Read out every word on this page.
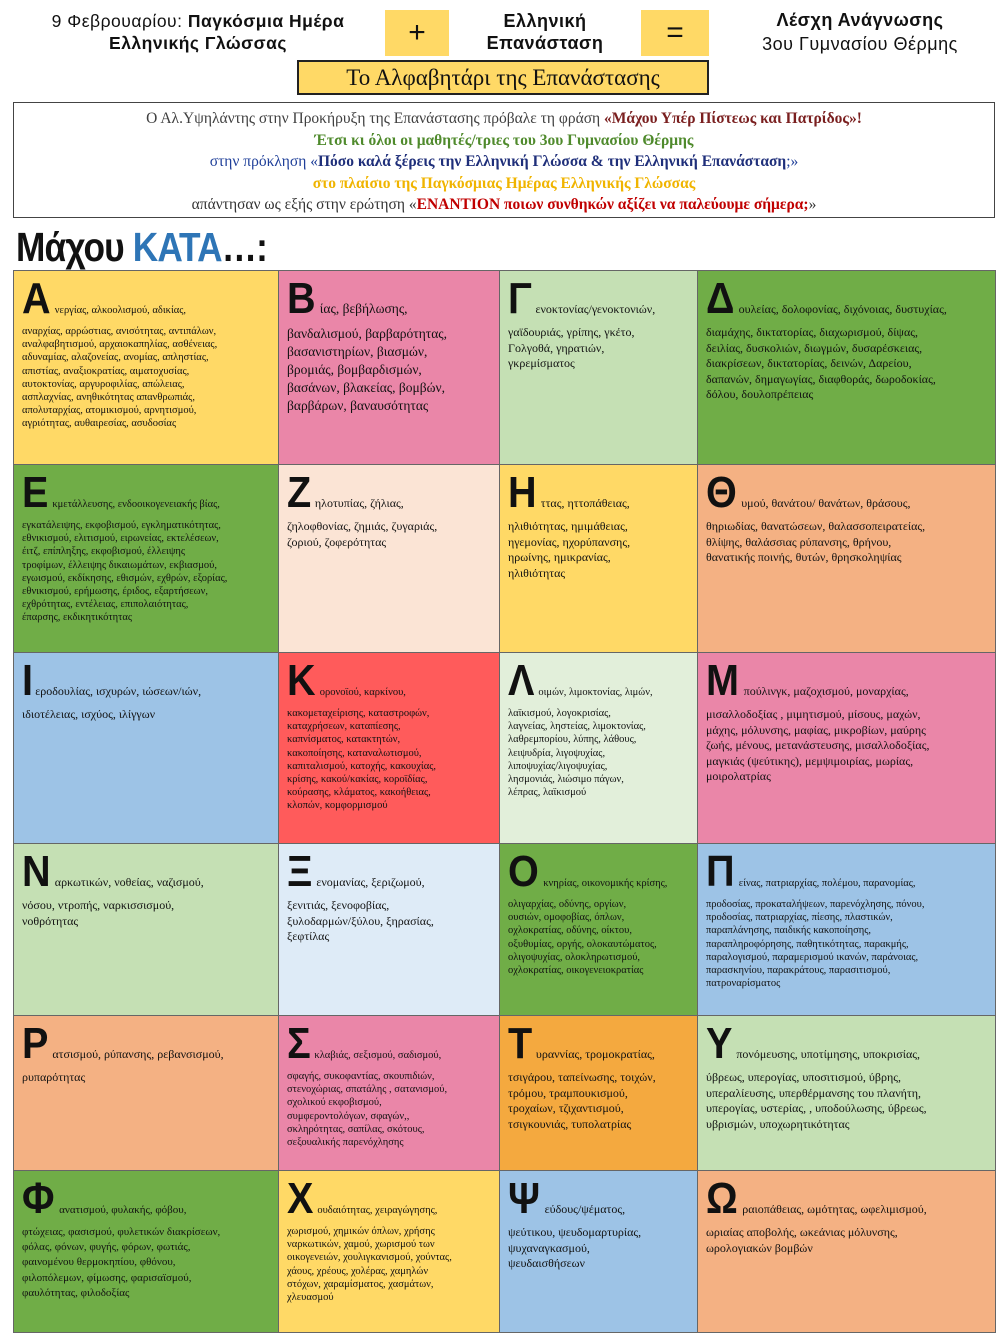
9 Φεβρουαρίου: Παγκόσμια Ημέρα
Ελληνικής Γλώσσας	+	Ελληνική
Επανάσταση	=	Λέσχη Ανάγνωσης
3ου Γυμνασίου Θέρμης
Το Αλφαβητάρι της Επανάστασης
Ο Αλ.Υψηλάντης στην Προκήρυξη της Επανάστασης πρόβαλε τη φράση «Μάχου Υπέρ Πίστεως και Πατρίδος»!
Έτσι κι όλοι οι μαθητές/τριες του 3ου Γυμνασίου Θέρμης
στην πρόκληση «Πόσο καλά ξέρεις την Ελληνική Γλώσσα & την Ελληνική Επανάσταση;»
στο πλαίσιο της Παγκόσμιας Ημέρας Ελληνικής Γλώσσας
απάντησαν ως εξής στην ερώτηση «ΕΝΑΝΤΙΟΝ ποιων συνθηκών αξίζει να παλεύουμε σήμερα;»
Μάχου ΚΑΤΑ…:
Ανεργίας, αλκοολισμού, αδικίας,
αναρχίας, αρρώστιας, ανισότητας, αντιπάλων,
αναλφαβητισμού, αρχαιοκαπηλίας, ασθένειας,
αδυναμίας, αλαζονείας, ανομίας, απληστίας,
απιστίας, αναξιοκρατίας, αιματοχυσίας,
αυτοκτονίας, αργυροφιλίας, απώλειας,
ασπλαχνίας, ανηθικότητας απανθρωπιάς,
απολυταρχίας, ατομικισμού, αρνητισμού,
αγριότητας, αυθαιρεσίας, ασυδοσίας
Βίας, βεβήλωσης,
βανδαλισμού, βαρβαρότητας,
βασανιστηρίων, βιασμών,
βρομιάς, βομβαρδισμών,
βασάνων, βλακείας, βομβών,
βαρβάρων, βαναυσότητας
Γενοκτονίας/γενοκτονιών,
γαϊδουριάς, γρίπης, γκέτο,
Γολγοθά, γηρατιών,
γκρεμίσματος
Δουλείας, δολοφονίας, διχόνοιας, δυστυχίας,
διαμάχης, δικτατορίας, διαχωρισμού, δίψας,
δειλίας, δυσκολιών, διωγμών, δυσαρέσκειας,
διακρίσεων, δικτατορίας, δεινών, Δαρείου,
δαπανών, δημαγωγίας, διαφθοράς, δωροδοκίας,
δόλου, δουλοπρέπειας
Εκμετάλλευσης, ενδοοικογενειακής βίας,
εγκατάλειψης, εκφοβισμού, εγκληματικότητας,
εθνικισμού, ελιτισμού, ειρωνείας, εκτελέσεων,
έιτζ, επίπληξης, εκφοβισμού, έλλειψης
τροφίμων, έλλειψης δικαιωμάτων, εκβιασμού,
εγωισμού, εκδίκησης, εθισμών, εχθρών, εξορίας,
εθνικισμού, ερήμωσης, έριδος, εξαρτήσεων,
εχθρότητας, εντέλειας, επιπολαιότητας,
έπαρσης, εκδικητικότητας
Ζηλοτυπίας, ζήλιας,
ζηλοφθονίας, ζημιάς, ζυγαριάς,
ζοριού, ζοφερότητας
Ηττας, ηττοπάθειας,
ηλιθιότητας, ημιμάθειας,
ηγεμονίας, ηχορύπανσης,
ηρωίνης, ημικρανίας,
ηλιθιότητας
Θυμού, θανάτου/ θανάτων, θράσους,
θηριωδίας, θανατώσεων, θαλασσοπειρατείας,
θλίψης, θαλάσσιας ρύπανσης, θρήνου,
θανατικής ποινής, θυτών, θρησκοληψίας
Ιεροδουλίας, ισχυρών, ιώσεων/ιών,
ιδιοτέλειας, ισχύος, ιλίγγων
Κορονοϊού, καρκίνου,
κακομεταχείρισης, καταστροφών,
καταχρήσεων, καταπίεσης,
καπνίσματος, κατακτητών,
κακοποίησης, καταναλωτισμού,
καπιταλισμού, κατοχής, κακουχίας,
κρίσης, κακού/κακίας, κοροϊδίας,
κούρασης, κλάματος, κακοήθειας,
κλοπών, κομφορμισμού
Λοιμών, λιμοκτονίας, λιμών,
λαϊκισμού, λογοκρισίας,
λαγνείας, ληστείας, λιμοκτονίας,
λαθρεμπορίου, λύπης, λάθους,
λειψυδρία, λιγοψυχίας,
λιποψυχίας/λιγοψυχίας,
λησμονιάς, λιώσιμο πάγων,
λέπρας, λαϊκισμού
Μπούλινγκ, μαζοχισμού, μοναρχίας,
μισαλλοδοξίας , μιμητισμού, μίσους, μαχών,
μάχης, μόλυνσης, μαφίας, μικροβίων, μαύρης
ζωής, μένους, μετανάστευσης, μισαλλοδοξίας,
μαγκιάς (ψεύτικης), μεμψιμοιρίας, μωρίας,
μοιρολατρίας
Ναρκωτικών, νοθείας, ναζισμού,
νόσου, ντροπής, ναρκισσισμού,
νοθρότητας
Ξενομανίας, ξεριζωμού,
ξενιτιάς, ξενοφοβίας,
ξυλοδαρμών/ξύλου, ξηρασίας,
ξεφτίλας
Οκνηρίας, οικονομικής κρίσης,
ολιγαρχίας, οδύνης, οργίων,
ουσιών, ομοφοβίας, όπλων,
οχλοκρατίας, οδύνης, οίκτου,
οξυθυμίας, οργής, ολοκαυτώματος,
ολιγοψυχίας, ολοκληρωτισμού,
οχλοκρατίας, οικογενειοκρατίας
Πείνας, πατριαρχίας, πολέμου, παρανομίας,
προδοσίας, προκαταλήψεων, παρενόχλησης, πόνου,
προδοσίας, πατριαρχίας, πίεσης, πλαστικών,
παραπλάνησης, παιδικής κακοποίησης,
παραπληροφόρησης, παθητικότητας, παρακμής,
παραλογισμού, παραμερισμού ικανών, παράνοιας,
παρασκηνίου, παρακράτους, παρασιτισμού,
πατροναρίσματος
Ρατσισμού, ρύπανσης, ρεβανσισμού,
ρυπαρότητας
Σκλαβιάς, σεξισμού, σαδισμού,
σφαγής, συκοφαντίας, σκουπιδιών,
στενοχώριας, σπατάλης , σατανισμού,
σχολικού εκφοβισμού,
συμφεροντολόγων, σφαγών,,
σκληρότητας, σαπίλας, σκότους,
σεξουαλικής παρενόχλησης
Τυραννίας, τρομοκρατίας,
τσιγάρου, ταπείνωσης, τοιχών,
τρόμου, τραμπουκισμού,
τροχαίων, τζιχαντισμού,
τσιγκουνιάς, τυπολατρίας
Υπονόμευσης, υποτίμησης, υποκρισίας,
ύβρεως, υπερογίας, υποσιτισμού, ύβρης,
υπεραλίευσης, υπερθέρμανσης του πλανήτη,
υπερογίας, υστερίας, , υποδούλωσης, ύβρεως,
υβρισμών, υποχωρητικότητας
Φανατισμού, φυλακής, φόβου,
φτώχειας, φασισμού, φυλετικών διακρίσεων,
φόλας, φόνων, φυγής, φόρων, φωτιάς,
φαινομένου θερμοκηπίου, φθόνου,
φιλοπόλεμων, φίμωσης, φαρισαϊσμού,
φαυλότητας, φιλοδοξίας
Χουδαιότητας, χειραγώγησης,
χωρισμού, χημικών όπλων, χρήσης
ναρκωτικών, χαμού, χωρισμού των
οικογενειών, χουλιγκανισμού, χούντας,
χάους, χρέους, χολέρας, χαμηλών
στόχων, χαραμίσματος, χασμάτων,
χλευασμού
Ψεύδους/ψέματος,
ψεύτικου, ψευδομαρτυρίας,
ψυχαναγκασμού,
ψευδαισθήσεων
Ωραιοπάθειας, ωμότητας, ωφελιμισμού,
ωριαίας αποβολής, ωκεάνιας μόλυνσης,
ωρολογιακών βομβών
